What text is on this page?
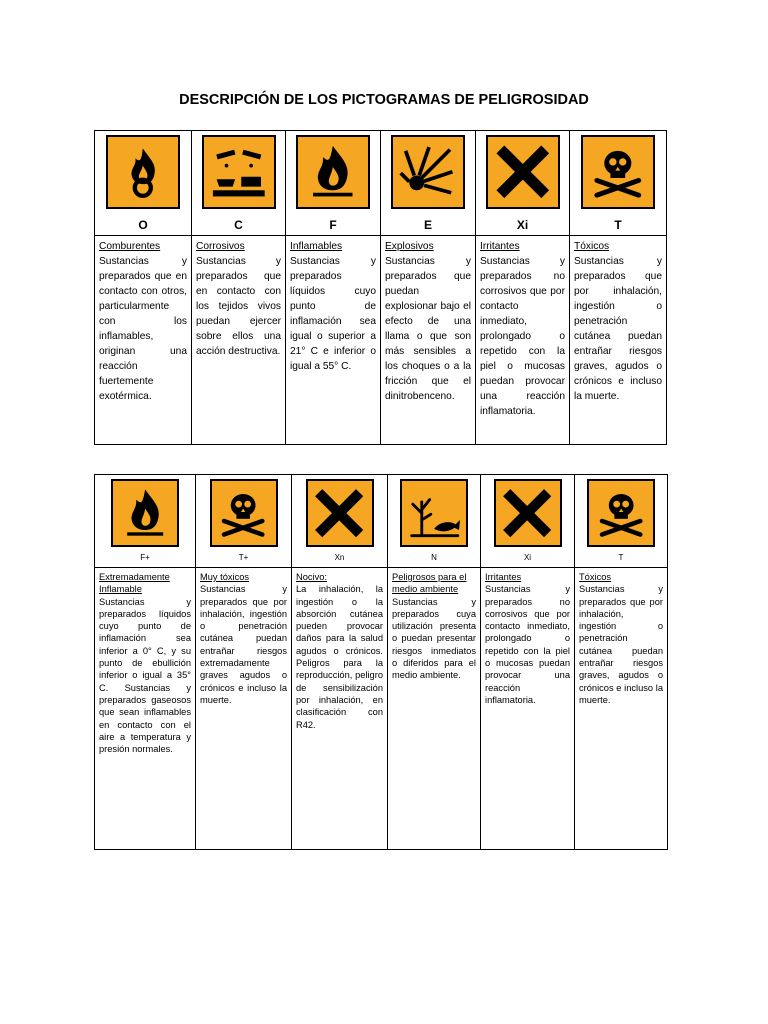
DESCRIPCIÓN DE LOS PICTOGRAMAS DE PELIGROSIDAD
O
Comburentes
Sustancias y preparados que en contacto con otros, particularmente con los inflamables, originan una reacción fuertemente exotérmica.
C
Corrosivos
Sustancias y preparados que en contacto con los tejidos vivos puedan ejercer sobre ellos una acción destructiva.
F
Inflamables
Sustancias y preparados líquidos cuyo punto de inflamación sea igual o superior a 21° C e inferior o igual a 55° C.
E
Explosivos
Sustancias y preparados que puedan explosionar bajo el efecto de una llama o que son más sensibles a los choques o a la fricción que el dinitrobenceno.
Xi
Irritantes
Sustancias y preparados no corrosivos que por contacto inmediato, prolongado o repetido con la piel o mucosas puedan provocar una reacción inflamatoria.
T
Tóxicos
Sustancias y preparados que por inhalación, ingestión o penetración cutánea puedan entrañar riesgos graves, agudos o crónicos e incluso la muerte.
F+
Extremadamente Inflamable
Sustancias y preparados líquidos cuyo punto de inflamación sea inferior a 0° C, y su punto de ebullición inferior o igual a 35° C. Sustancias y preparados gaseosos que sean inflamables en contacto con el aire a temperatura y presión normales.
T+
Muy tóxicos
Sustancias y preparados que por inhalación, ingestión o penetración cutánea puedan entrañar riesgos extremadamente graves agudos o crónicos e incluso la muerte.
Xn
Nocivo:
La inhalación, la ingestión o la absorción cutánea pueden provocar daños para la salud agudos o crónicos. Peligros para la reproducción, peligro de sensibilización por inhalación, en clasificación con R42.
N
Peligrosos para el medio ambiente
Sustancias y preparados cuya utilización presenta o puedan presentar riesgos inmediatos o diferidos para el medio ambiente.
Xi
Irritantes
Sustancias y preparados no corrosivos que por contacto inmediato, prolongado o repetido con la piel o mucosas puedan provocar una reacción inflamatoria.
T
Tóxicos
Sustancias y preparados que por inhalación, ingestión o penetración cutánea puedan entrañar riesgos graves, agudos o crónicos e incluso la muerte.
